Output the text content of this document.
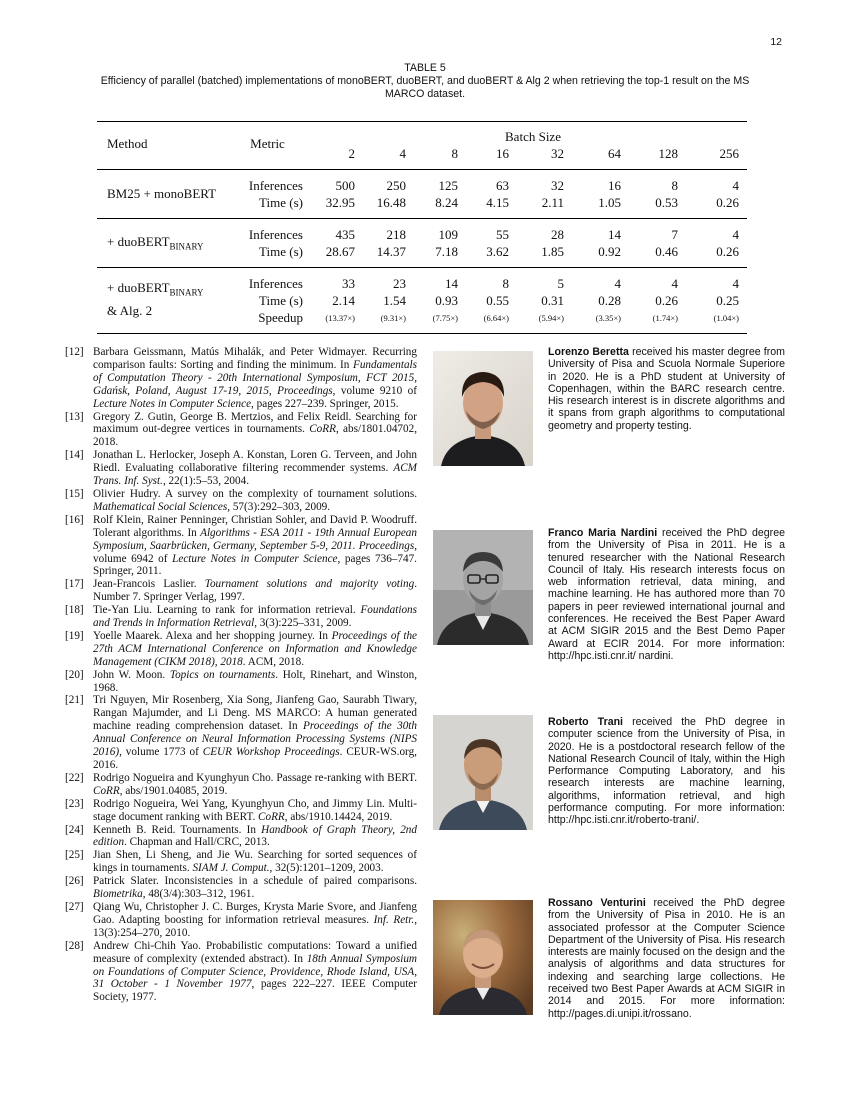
12
TABLE 5
Efficiency of parallel (batched) implementations of monoBERT, duoBERT, and duoBERT & Alg 2 when retrieving the top-1 result on the MS MARCO dataset.

Method	Metric	Batch Size							
		2	4	8	16	32	64	128	256

BM25 + monoBERT	Inferences	500	250	125	63	32	16	8	4
	Time (s)	32.95	16.48	8.24	4.15	2.11	1.05	0.53	0.26

+ duoBERT$_{BINARY}$	Inferences	435	218	109	55	28	14	7	4
	Time (s)	28.67	14.37	7.18	3.62	1.85	0.92	0.46	0.26

+ duoBERT$_{BINARY}$
& Alg. 2	Inferences	33	23	14	8	5	4	4	4
	Time (s)	2.14	1.54	0.93	0.55	0.31	0.28	0.26	0.25
	Speedup	(13.37×)	(9.31×)	(7.75×)	(6.64×)	(5.94×)	(3.35×)	(1.74×)	(1.04×)

[12] Barbara Geissmann, Matús Mihalák, and Peter Widmayer. Recurring comparison faults: Sorting and finding the minimum. In Fundamentals of Computation Theory - 20th International Symposium, FCT 2015, Gdańsk, Poland, August 17-19, 2015, Proceedings, volume 9210 of Lecture Notes in Computer Science, pages 227–239. Springer, 2015.
[13] Gregory Z. Gutin, George B. Mertzios, and Felix Reidl. Searching for maximum out-degree vertices in tournaments. CoRR, abs/1801.04702, 2018.
[14] Jonathan L. Herlocker, Joseph A. Konstan, Loren G. Terveen, and John Riedl. Evaluating collaborative filtering recommender systems. ACM Trans. Inf. Syst., 22(1):5–53, 2004.
[15] Olivier Hudry. A survey on the complexity of tournament solutions. Mathematical Social Sciences, 57(3):292–303, 2009.
[16] Rolf Klein, Rainer Penninger, Christian Sohler, and David P. Woodruff. Tolerant algorithms. In Algorithms - ESA 2011 - 19th Annual European Symposium, Saarbrücken, Germany, September 5-9, 2011. Proceedings, volume 6942 of Lecture Notes in Computer Science, pages 736–747. Springer, 2011.
[17] Jean-Francois Laslier. Tournament solutions and majority voting. Number 7. Springer Verlag, 1997.
[18] Tie-Yan Liu. Learning to rank for information retrieval. Foundations and Trends in Information Retrieval, 3(3):225–331, 2009.
[19] Yoelle Maarek. Alexa and her shopping journey. In Proceedings of the 27th ACM International Conference on Information and Knowledge Management (CIKM 2018), 2018. ACM, 2018.
[20] John W. Moon. Topics on tournaments. Holt, Rinehart, and Winston, 1968.
[21] Tri Nguyen, Mir Rosenberg, Xia Song, Jianfeng Gao, Saurabh Tiwary, Rangan Majumder, and Li Deng. MS MARCO: A human generated machine reading comprehension dataset. In Proceedings of the 30th Annual Conference on Neural Information Processing Systems (NIPS 2016), volume 1773 of CEUR Workshop Proceedings. CEUR-WS.org, 2016.
[22] Rodrigo Nogueira and Kyunghyun Cho. Passage re-ranking with BERT. CoRR, abs/1901.04085, 2019.
[23] Rodrigo Nogueira, Wei Yang, Kyunghyun Cho, and Jimmy Lin. Multi-stage document ranking with BERT. CoRR, abs/1910.14424, 2019.
[24] Kenneth B. Reid. Tournaments. In Handbook of Graph Theory, 2nd edition. Chapman and Hall/CRC, 2013.
[25] Jian Shen, Li Sheng, and Jie Wu. Searching for sorted sequences of kings in tournaments. SIAM J. Comput., 32(5):1201–1209, 2003.
[26] Patrick Slater. Inconsistencies in a schedule of paired comparisons. Biometrika, 48(3/4):303–312, 1961.
[27] Qiang Wu, Christopher J. C. Burges, Krysta Marie Svore, and Jianfeng Gao. Adapting boosting for information retrieval measures. Inf. Retr., 13(3):254–270, 2010.
[28] Andrew Chi-Chih Yao. Probabilistic computations: Toward a unified measure of complexity (extended abstract). In 18th Annual Symposium on Foundations of Computer Science, Providence, Rhode Island, USA, 31 October - 1 November 1977, pages 222–227. IEEE Computer Society, 1977.
Lorenzo Beretta received his master degree from University of Pisa and Scuola Normale Superiore in 2020. He is a PhD student at University of Copenhagen, within the BARC research centre. His research interest is in discrete algorithms and it spans from graph algorithms to computational geometry and property testing.
Franco Maria Nardini received the PhD degree from the University of Pisa in 2011. He is a tenured researcher with the National Research Council of Italy. His research interests focus on web information retrieval, data mining, and machine learning. He has authored more than 70 papers in peer reviewed international journal and conferences. He received the Best Paper Award at ACM SIGIR 2015 and the Best Demo Paper Award at ECIR 2014. For more information: http://hpc.isti.cnr.it/ nardini.
Roberto Trani received the PhD degree in computer science from the University of Pisa, in 2020. He is a postdoctoral research fellow of the National Research Council of Italy, within the High Performance Computing Laboratory, and his research interests are machine learning, algorithms, information retrieval, and high performance computing. For more information: http://hpc.isti.cnr.it/roberto-trani/.
Rossano Venturini received the PhD degree from the University of Pisa in 2010. He is an associated professor at the Computer Science Department of the University of Pisa. His research interests are mainly focused on the design and the analysis of algorithms and data structures for indexing and searching large collections. He received two Best Paper Awards at ACM SIGIR in 2014 and 2015. For more information: http://pages.di.unipi.it/rossano.
